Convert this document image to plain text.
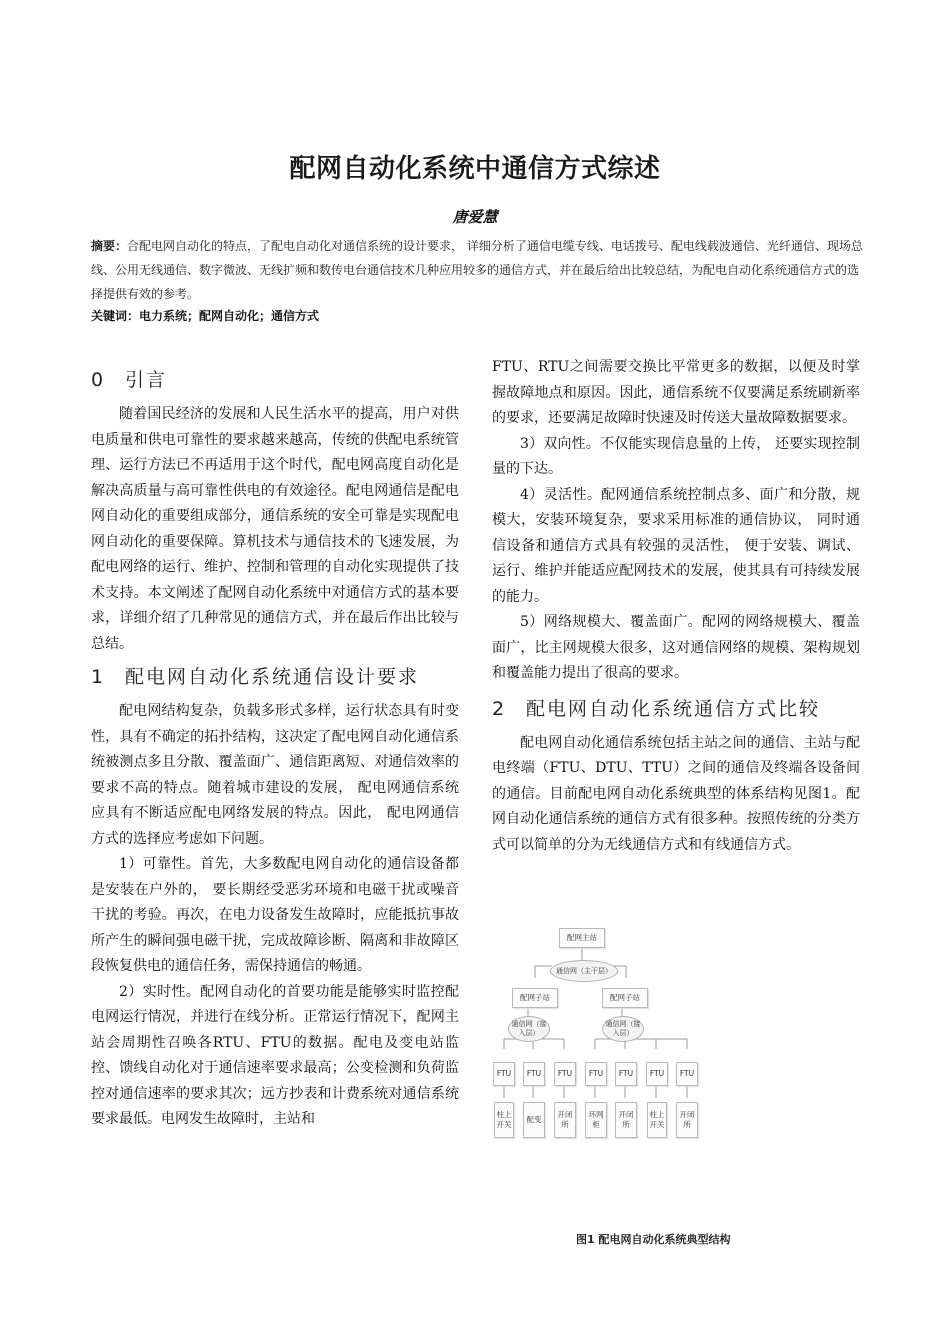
配网自动化系统中通信方式综述
唐爱慧
摘要：合配电网自动化的特点，了配电自动化对通信系统的设计要求， 详细分析了通信电缆专线、电话拨号、配电线载波通信、光纤通信、现场总线、公用无线通信、数字微波、无线扩频和数传电台通信技术几种应用较多的通信方式，并在最后给出比较总结，为配电自动化系统通信方式的选择提供有效的参考。
关键词：电力系统；配网自动化；通信方式
0 引言

随着国民经济的发展和人民生活水平的提高，用户对供电质量和供电可靠性的要求越来越高，传统的供配电系统管理、运行方法已不再适用于这个时代，配电网高度自动化是解决高质量与高可靠性供电的有效途径。配电网通信是配电网自动化的重要组成部分，通信系统的安全可靠是实现配电网自动化的重要保障。算机技术与通信技术的飞速发展，为配电网络的运行、维护、控制和管理的自动化实现提供了技术支持。本文阐述了配网自动化系统中对通信方式的基本要求，详细介绍了几种常见的通信方式，并在最后作出比较与总结。

1 配电网自动化系统通信设计要求

配电网结构复杂，负载多形式多样，运行状态具有时变性，具有不确定的拓扑结构，这决定了配电网自动化通信系统被测点多且分散、覆盖面广、通信距离短、对通信效率的要求不高的特点。随着城市建设的发展， 配电网通信系统应具有不断适应配电网络发展的特点。因此， 配电网通信方式的选择应考虑如下问题。

1）可靠性。首先，大多数配电网自动化的通信设备都是安装在户外的， 要长期经受恶劣环境和电磁干扰或噪音干扰的考验。再次，在电力设备发生故障时，应能抵抗事故所产生的瞬间强电磁干扰，完成故障诊断、隔离和非故障区段恢复供电的通信任务，需保持通信的畅通。

2）实时性。配网自动化的首要功能是能够实时监控配电网运行情况，并进行在线分析。正常运行情况下，配网主站会周期性召唤各RTU、FTU的数据。配电及变电站监控、馈线自动化对于通信速率要求最高；公变检测和负荷监控对通信速率的要求其次；远方抄表和计费系统对通信系统要求最低。电网发生故障时，主站和

FTU、RTU之间需要交换比平常更多的数据，以便及时掌握故障地点和原因。因此，通信系统不仅要满足系统刷新率的要求，还要满足故障时快速及时传送大量故障数据要求。

3）双向性。不仅能实现信息量的上传， 还要实现控制量的下达。

4）灵活性。配网通信系统控制点多、面广和分散，规模大，安装环境复杂，要求采用标准的通信协议， 同时通信设备和通信方式具有较强的灵活性， 便于安装、调试、运行、维护并能适应配网技术的发展，使其具有可持续发展的能力。

5）网络规模大、覆盖面广。配网的网络规模大、覆盖面广，比主网规模大很多，这对通信网络的规模、架构规划和覆盖能力提出了很高的要求。

2 配电网自动化系统通信方式比较

配电网自动化通信系统包括主站之间的通信、主站与配电终端（FTU、DTU、TTU）之间的通信及终端各设备间的通信。目前配电网自动化系统典型的体系结构见图1。配网自动化通信系统的通信方式有很多种。按照传统的分类方式可以简单的分为无线通信方式和有线通信方式。

配网主站
通信网（主干层）
配网子站	配网子站
通信网（接入层）
通信网（接入层）
FTU	FTU	FTU	FTU	FTU	FTU	FTU
柱上开关
配变
开闭所
环网柜
开闭所
柱上开关
开闭所
图1 配电网自动化系统典型结构
